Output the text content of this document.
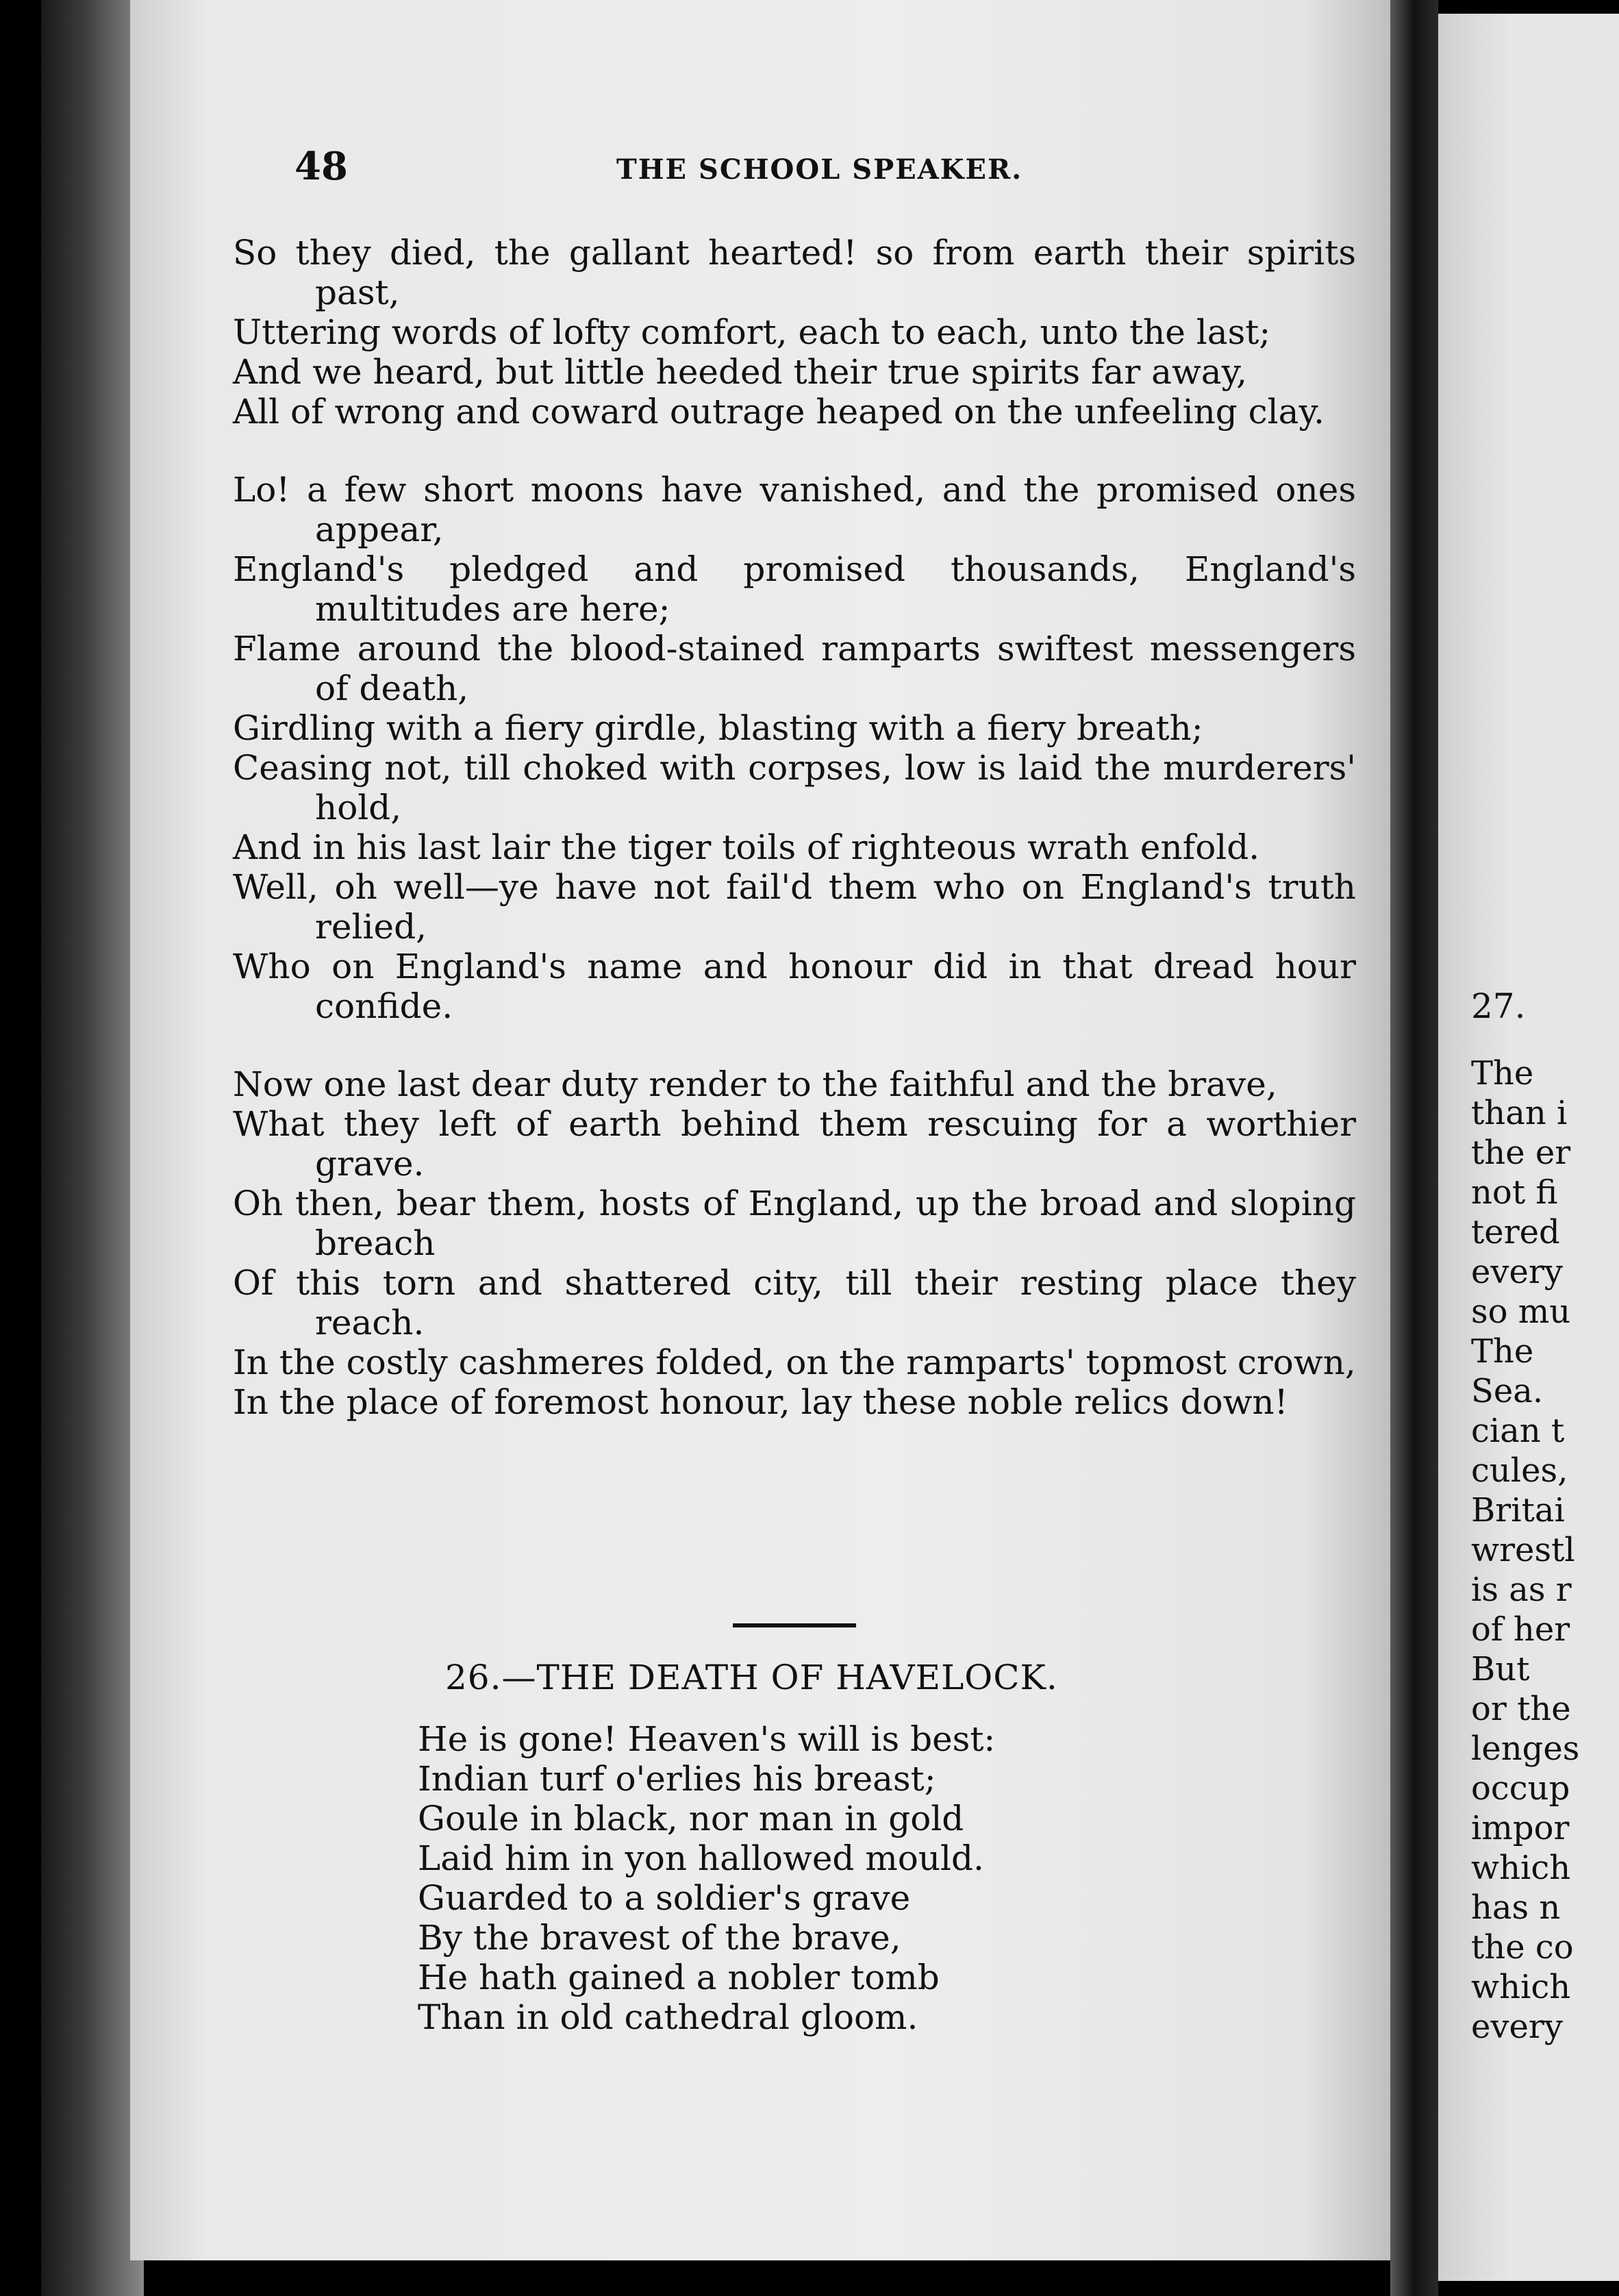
48	THE SCHOOL SPEAKER.

So they died, the gallant hearted! so from earth their spirits past,

Uttering words of lofty comfort, each to each, unto the last;

And we heard, but little heeded their true spirits far away,

All of wrong and coward outrage heaped on the unfeeling clay.

Lo! a few short moons have vanished, and the promised ones appear,

England's pledged and promised thousands, England's multitudes are here;

Flame around the blood-stained ramparts swiftest messengers of death,

Girdling with a fiery girdle, blasting with a fiery breath;

Ceasing not, till choked with corpses, low is laid the murderers' hold,

And in his last lair the tiger toils of righteous wrath enfold.

Well, oh well—ye have not fail'd them who on England's truth relied,

Who on England's name and honour did in that dread hour confide.

Now one last dear duty render to the faithful and the brave,

What they left of earth behind them rescuing for a worthier grave.

Oh then, bear them, hosts of England, up the broad and sloping breach

Of this torn and shattered city, till their resting place they reach.

In the costly cashmeres folded, on the ramparts' topmost crown,

In the place of foremost honour, lay these noble relics down!

26.—THE DEATH OF HAVELOCK.

He is gone! Heaven's will is best:

Indian turf o'erlies his breast;

Goule in black, nor man in gold

Laid him in yon hallowed mould.

Guarded to a soldier's grave

By the bravest of the brave,

He hath gained a nobler tomb

Than in old cathedral gloom.

27.

The

than i

the er

not fi

tered

every

so mu

The

Sea.

cian t

cules,

Britai

wrestl

is as r

of her

But

or the

lenges

occup

impor

which

has n

the co

which

every
